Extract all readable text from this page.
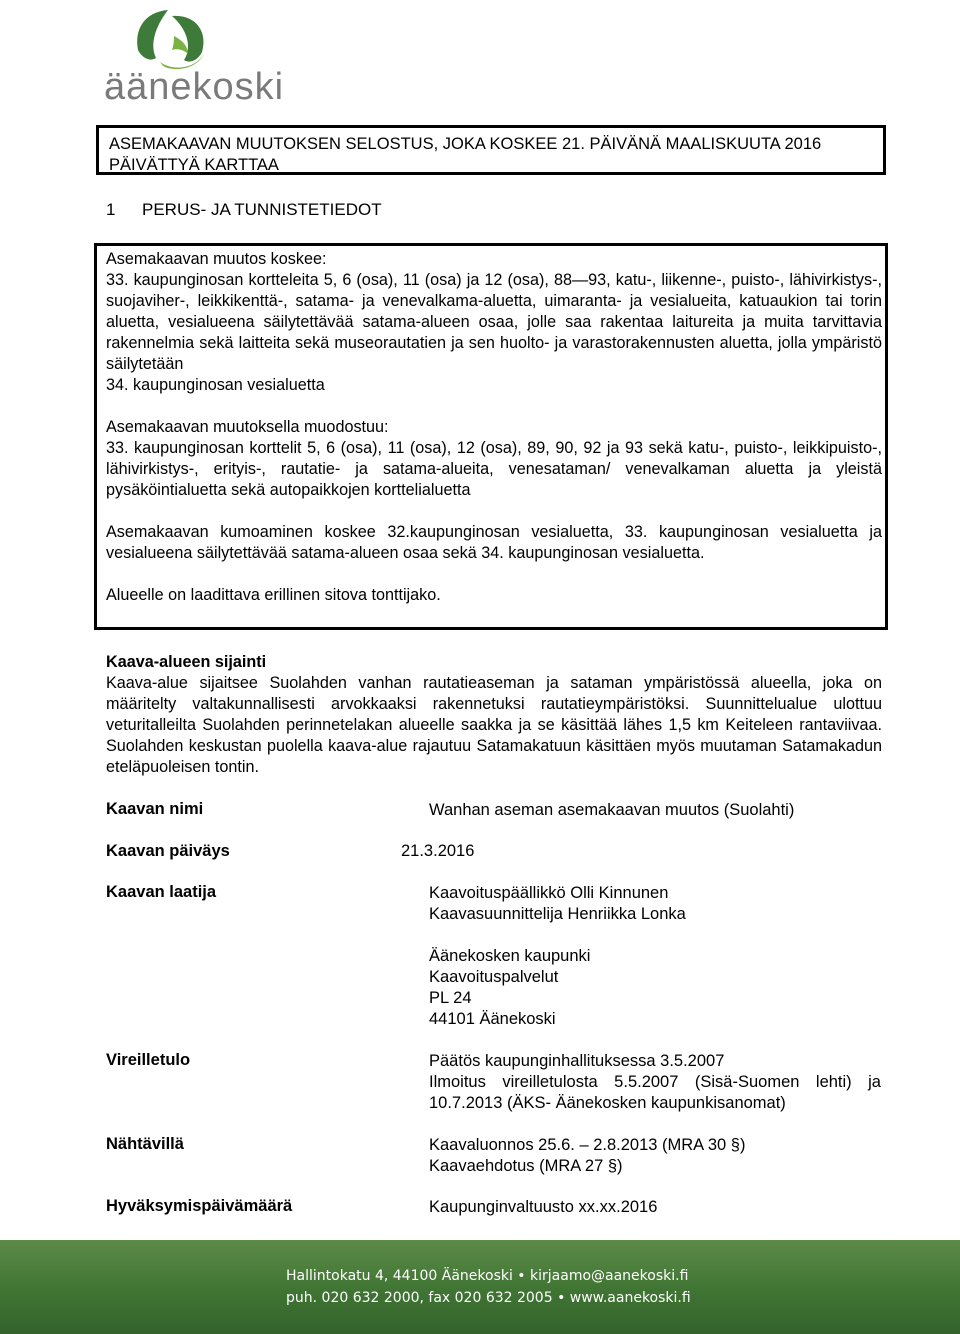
äänekoski
ASEMAKAAVAN MUUTOKSEN SELOSTUS, JOKA KOSKEE 21. PÄIVÄNÄ MAALISKUUTA 2016 PÄIVÄTTYÄ KARTTAA
1 PERUS- JA TUNNISTETIEDOT
Asemakaavan muutos koskee:
33. kaupunginosan kortteleita 5, 6 (osa), 11 (osa) ja 12 (osa), 88—93, katu-, liikenne-, puisto-, lähivirkistys-, suojaviher-, leikkikenttä-, satama- ja venevalkama-aluetta, uimaranta- ja vesialueita, katuaukion tai torin aluetta, vesialueena säilytettävää satama-alueen osaa, jolle saa rakentaa laitureita ja muita tarvittavia rakennelmia sekä laitteita sekä museorautatien ja sen huolto- ja varastorakennusten aluetta, jolla ympäristö säilytetään
34. kaupunginosan vesialuetta
Asemakaavan muutoksella muodostuu:
33. kaupunginosan korttelit 5, 6 (osa), 11 (osa), 12 (osa), 89, 90, 92 ja 93 sekä katu-, puisto-, leikkipuisto-, lähivirkistys-, erityis-, rautatie- ja satama-alueita, venesataman/ venevalkaman aluetta ja yleistä pysäköintialuetta sekä autopaikkojen korttelialuetta
Asemakaavan kumoaminen koskee 32.kaupunginosan vesialuetta, 33. kaupunginosan vesialuetta ja vesialueena säilytettävää satama-alueen osaa sekä 34. kaupunginosan vesialuetta.
Alueelle on laadittava erillinen sitova tonttijako.
Kaava-alueen sijainti
Kaava-alue sijaitsee Suolahden vanhan rautatieaseman ja sataman ympäristössä alueella, joka on määritelty valtakunnallisesti arvokkaaksi rakennetuksi rautatieympäristöksi. Suunnittelualue ulottuu veturitalleilta Suolahden perinnetelakan alueelle saakka ja se käsittää lähes 1,5 km Keiteleen rantaviivaa. Suolahden keskustan puolella kaava-alue rajautuu Satamakatuun käsittäen myös muutaman Satamakadun eteläpuoleisen tontin.
Kaavan nimi	Wanhan aseman asemakaavan muutos (Suolahti)
Kaavan päiväys	21.3.2016
Kaavan laatija	Kaavoituspäällikkö Olli Kinnunen
Kaavasuunnittelija Henriikka Lonka
Äänekosken kaupunki
Kaavoituspalvelut
PL 24
44101 Äänekoski
Vireilletulo	Päätös kaupunginhallituksessa 3.5.2007
Ilmoitus vireilletulosta 5.5.2007 (Sisä-Suomen lehti) ja 10.7.2013 (ÄKS- Äänekosken kaupunkisanomat)
Nähtävillä	Kaavaluonnos 25.6. – 2.8.2013 (MRA 30 §)
Kaavaehdotus (MRA 27 §)
Hyväksymispäivämäärä	Kaupunginvaltuusto xx.xx.2016
Hallintokatu 4, 44100 Äänekoski • kirjaamo@aanekoski.fi
puh. 020 632 2000, fax 020 632 2005 • www.aanekoski.fi
